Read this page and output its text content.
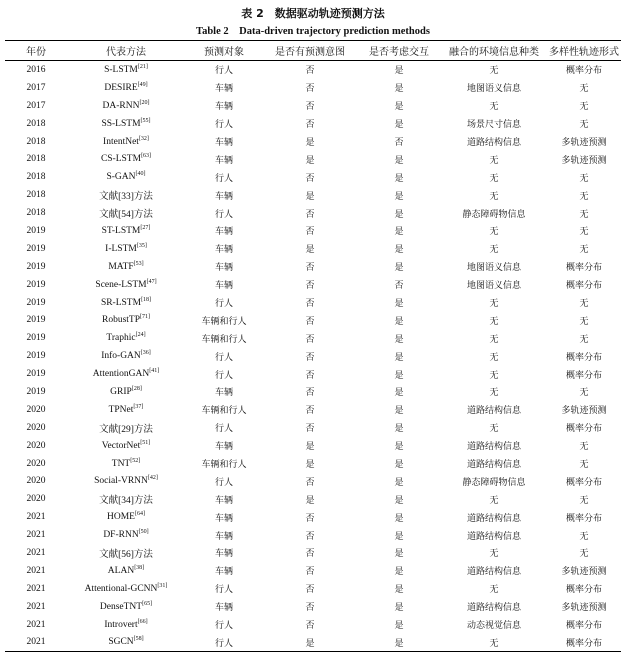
表 2　数据驱动轨迹预测方法
Table 2　Data-driven trajectory prediction methods
年份	代表方法	预测对象	是否有预测意图	是否考虑交互	融合的环境信息种类	多样性轨迹形式
2016	S-LSTM[21]	行人	否	是	无	概率分布
2017	DESIRE[49]	车辆	否	是	地图语义信息	无
2017	DA-RNN[20]	车辆	否	是	无	无
2018	SS-LSTM[55]	行人	否	是	场景尺寸信息	无
2018	IntentNet[32]	车辆	是	否	道路结构信息	多轨迹预测
2018	CS-LSTM[63]	车辆	是	是	无	多轨迹预测
2018	S-GAN[40]	行人	否	是	无	无
2018	文献[33]方法	车辆	是	是	无	无
2018	文献[54]方法	行人	否	是	静态障碍物信息	无
2019	ST-LSTM[27]	车辆	否	是	无	无
2019	I-LSTM[35]	车辆	是	是	无	无
2019	MATF[53]	车辆	否	是	地图语义信息	概率分布
2019	Scene-LSTM[47]	车辆	否	否	地图语义信息	概率分布
2019	SR-LSTM[18]	行人	否	是	无	无
2019	RobustTP[71]	车辆和行人	否	是	无	无
2019	Traphic[24]	车辆和行人	否	是	无	无
2019	Info-GAN[36]	行人	否	是	无	概率分布
2019	AttentionGAN[41]	行人	否	是	无	概率分布
2019	GRIP[28]	车辆	否	是	无	无
2020	TPNet[37]	车辆和行人	否	是	道路结构信息	多轨迹预测
2020	文献[29]方法	行人	否	是	无	概率分布
2020	VectorNet[51]	车辆	是	是	道路结构信息	无
2020	TNT[52]	车辆和行人	是	是	道路结构信息	无
2020	Social-VRNN[42]	行人	否	是	静态障碍物信息	概率分布
2020	文献[34]方法	车辆	是	是	无	无
2021	HOME[64]	车辆	否	是	道路结构信息	概率分布
2021	DF-RNN[50]	车辆	否	是	道路结构信息	无
2021	文献[56]方法	车辆	否	是	无	无
2021	ALAN[38]	车辆	否	是	道路结构信息	多轨迹预测
2021	Attentional-GCNN[31]	行人	否	是	无	概率分布
2021	DenseTNT[65]	车辆	否	是	道路结构信息	多轨迹预测
2021	Introvert[66]	行人	否	是	动态视觉信息	概率分布
2021	SGCN[58]	行人	是	是	无	概率分布
